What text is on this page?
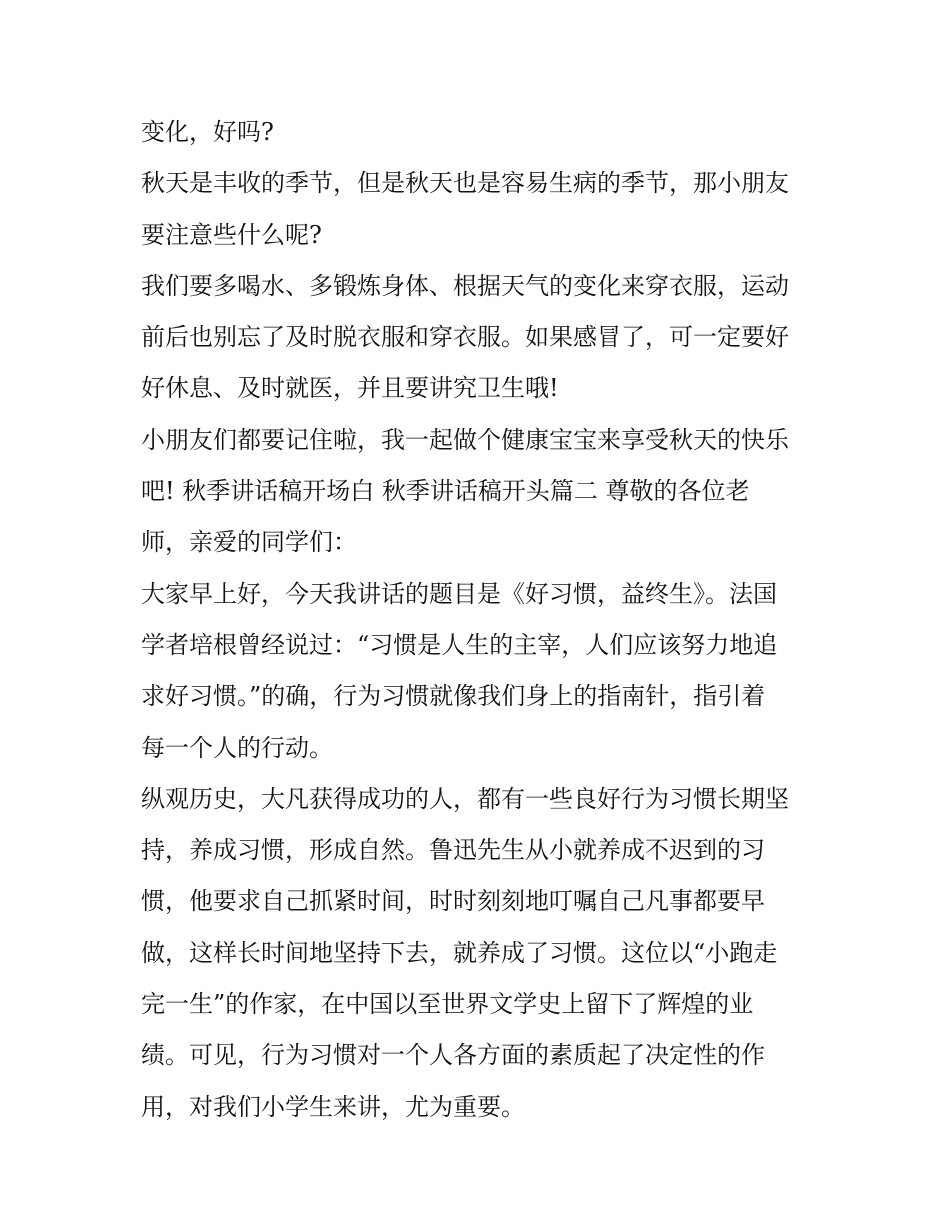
变化，好吗?
秋天是丰收的季节，但是秋天也是容易生病的季节，那小朋友
要注意些什么呢?
我们要多喝水、多锻炼身体、根据天气的变化来穿衣服，运动
前后也别忘了及时脱衣服和穿衣服。如果感冒了，可一定要好
好休息、及时就医，并且要讲究卫生哦!
小朋友们都要记住啦，我一起做个健康宝宝来享受秋天的快乐
吧! 秋季讲话稿开场白 秋季讲话稿开头篇二 尊敬的各位老
师，亲爱的同学们：
大家早上好，今天我讲话的题目是《好习惯，益终生》。法国
学者培根曾经说过：“习惯是人生的主宰，人们应该努力地追
求好习惯。”的确，行为习惯就像我们身上的指南针，指引着
每一个人的行动。
纵观历史，大凡获得成功的人，都有一些良好行为习惯长期坚
持，养成习惯，形成自然。鲁迅先生从小就养成不迟到的习
惯，他要求自己抓紧时间，时时刻刻地叮嘱自己凡事都要早
做，这样长时间地坚持下去，就养成了习惯。这位以“小跑走
完一生”的作家，在中国以至世界文学史上留下了辉煌的业
绩。可见，行为习惯对一个人各方面的素质起了决定性的作
用，对我们小学生来讲，尤为重要。
